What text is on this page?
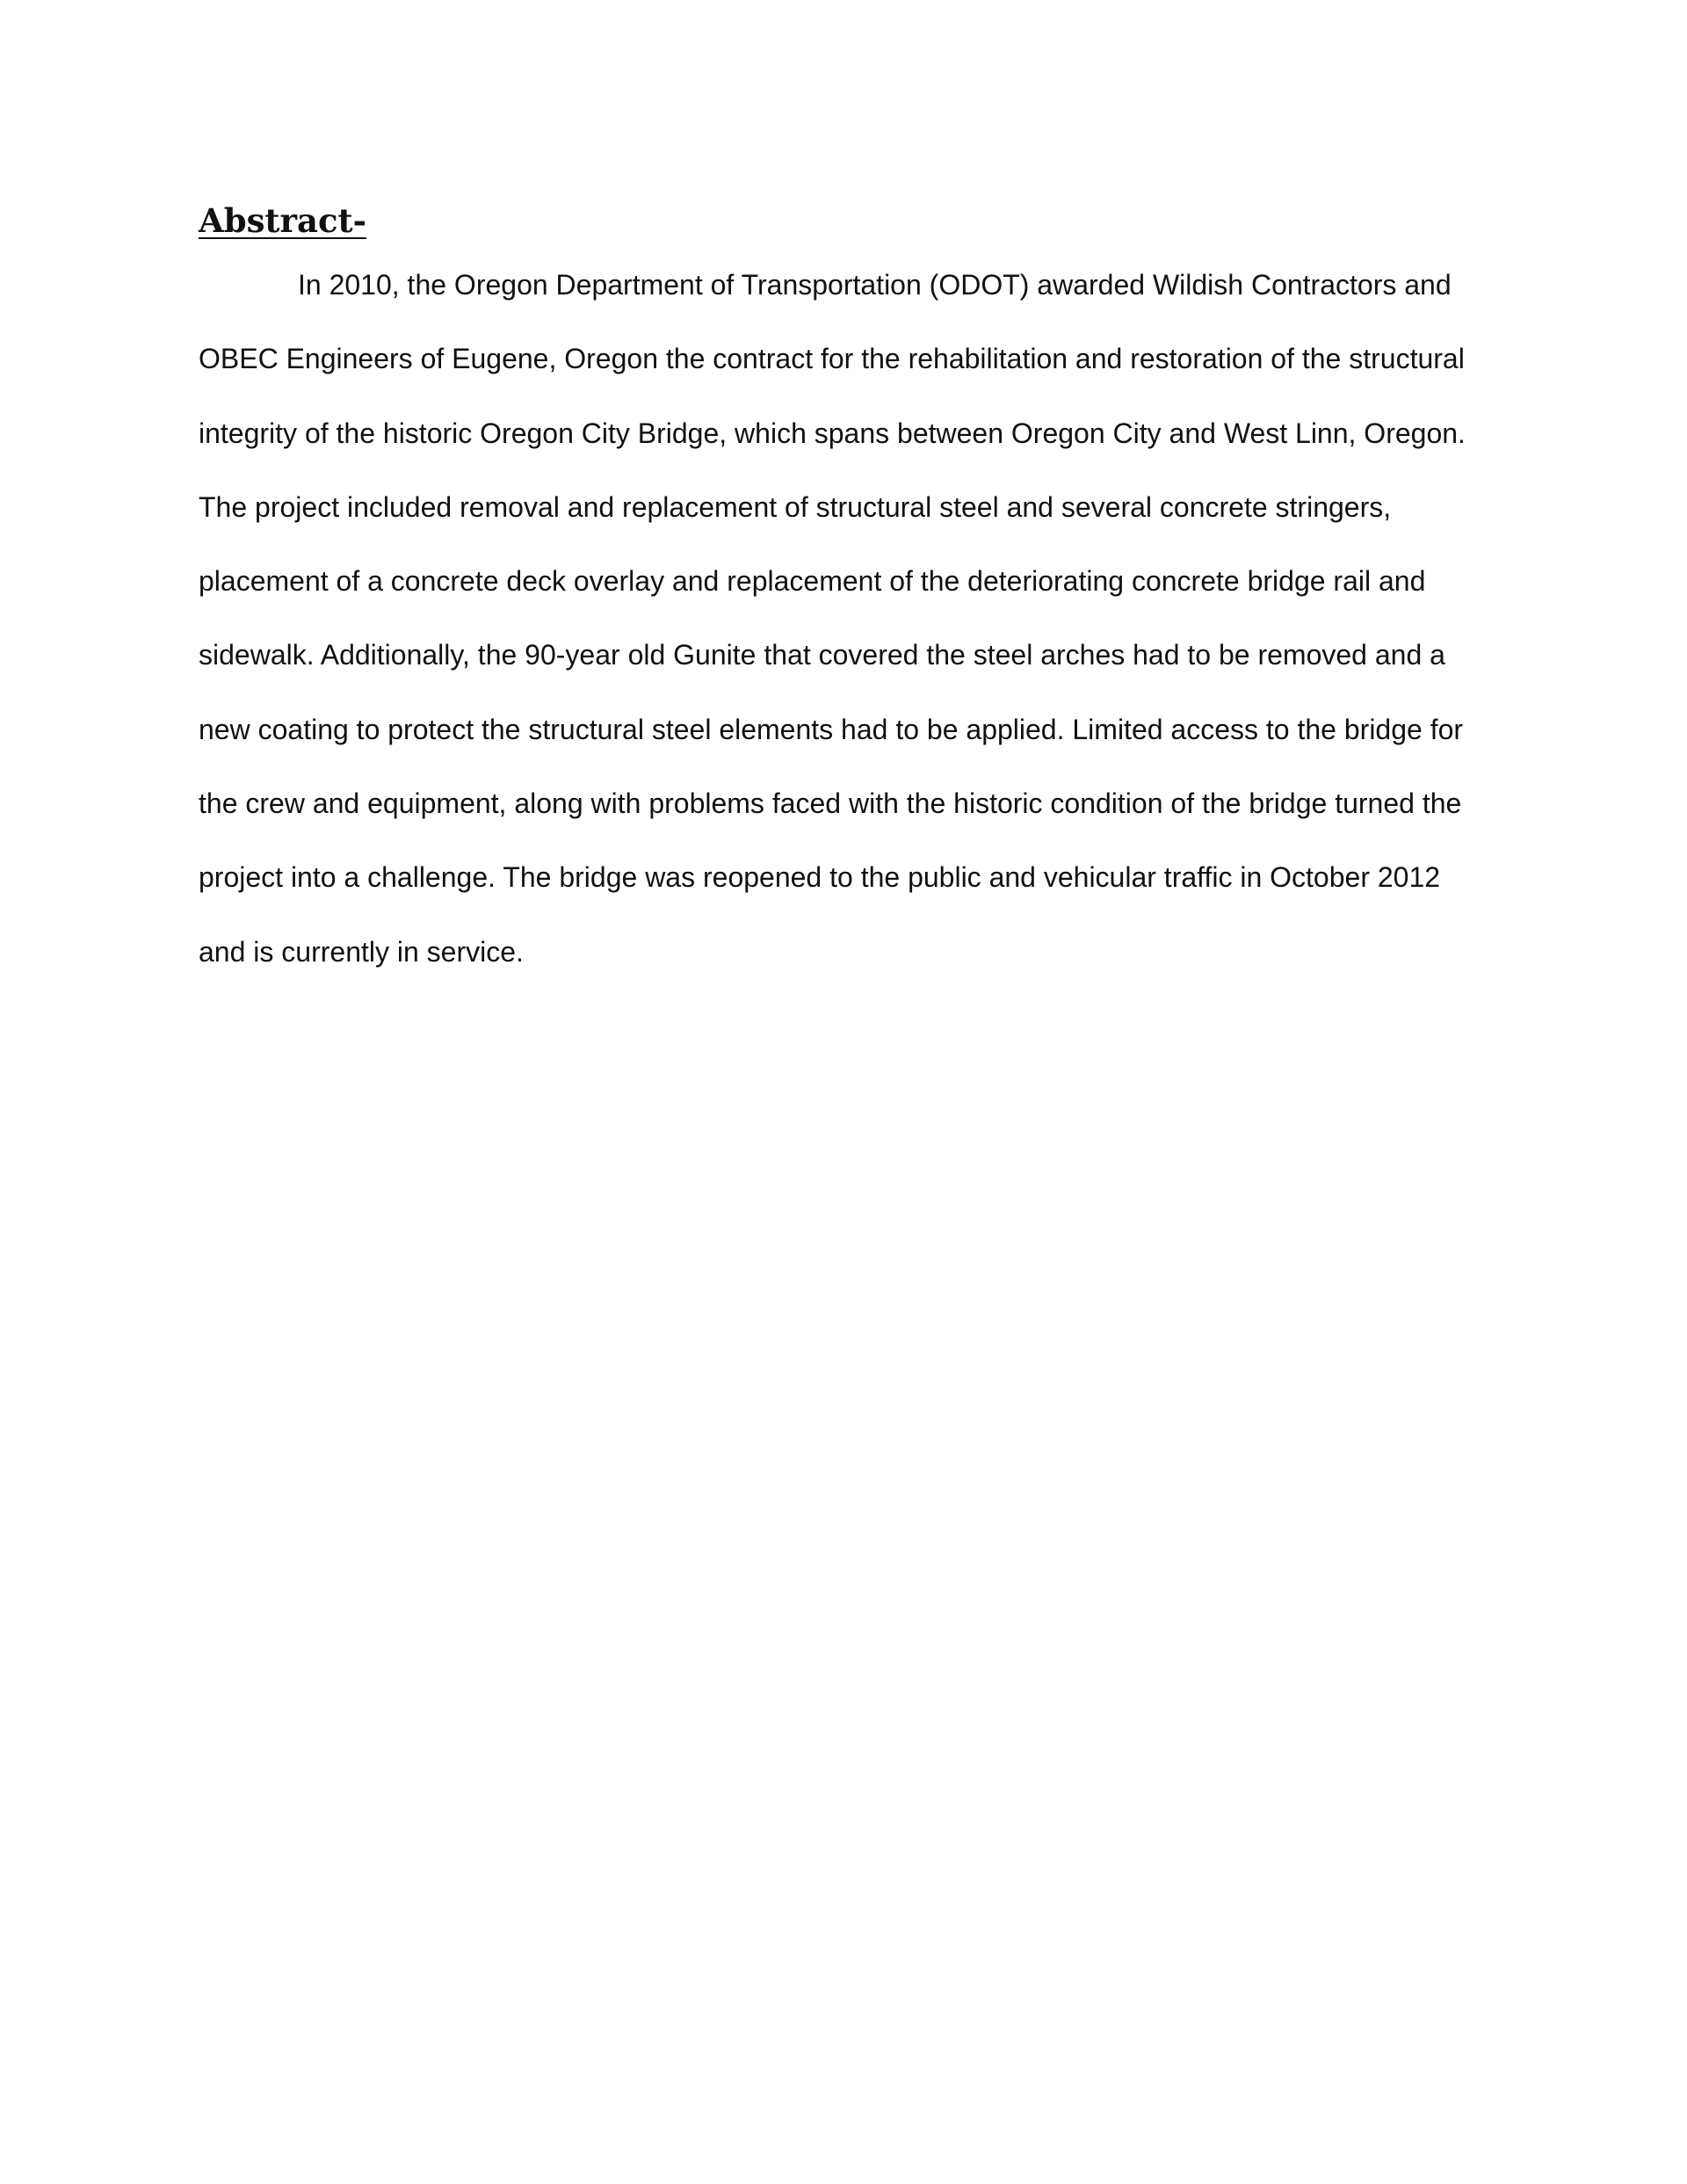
Abstract-
In 2010, the Oregon Department of Transportation (ODOT) awarded Wildish Contractors and
OBEC Engineers of Eugene, Oregon the contract for the rehabilitation and restoration of the structural
integrity of the historic Oregon City Bridge, which spans between Oregon City and West Linn, Oregon.
The project included removal and replacement of structural steel and several concrete stringers,
placement of a concrete deck overlay and replacement of the deteriorating concrete bridge rail and
sidewalk. Additionally, the 90-year old Gunite that covered the steel arches had to be removed and a
new coating to protect the structural steel elements had to be applied. Limited access to the bridge for
the crew and equipment, along with problems faced with the historic condition of the bridge turned the
project into a challenge. The bridge was reopened to the public and vehicular traffic in October 2012
and is currently in service.
